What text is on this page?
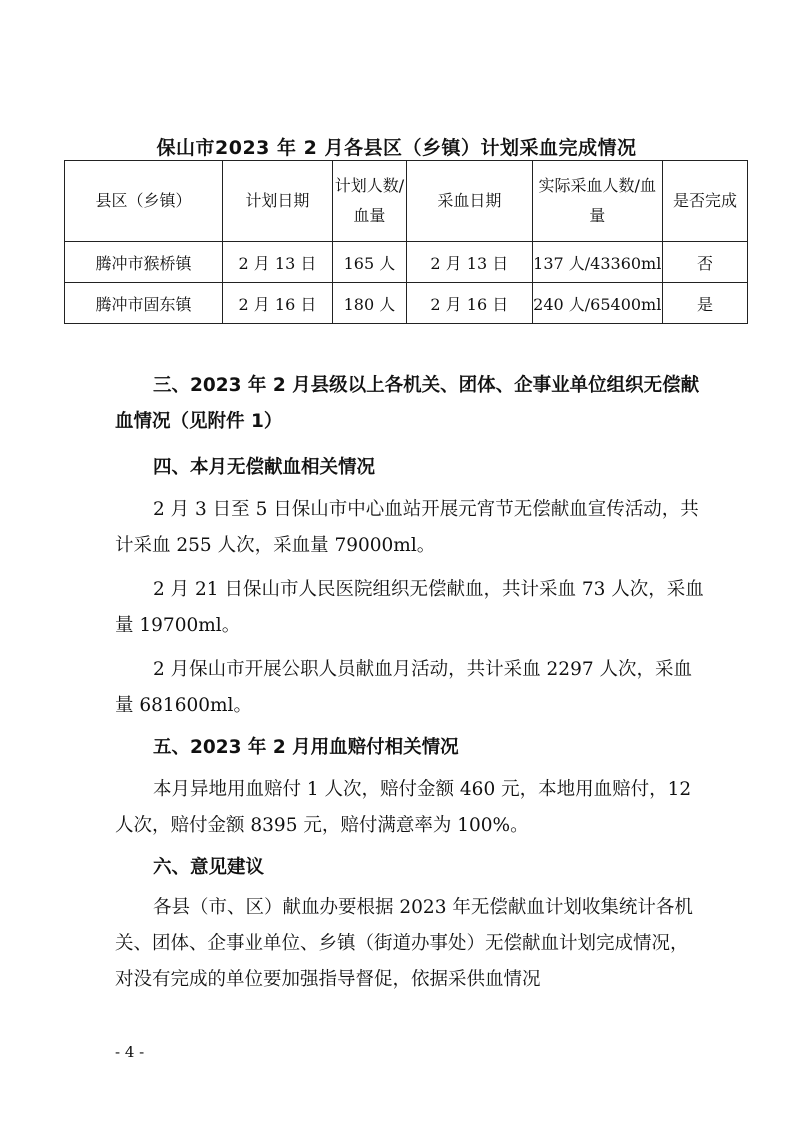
保山市2023 年 2 月各县区（乡镇）计划采血完成情况
县区（乡镇）	计划日期	计划人数/血量	采血日期	实际采血人数/血量	是否完成
腾冲市猴桥镇	2 月 13 日	165 人	2 月 13 日	137 人/43360ml	否
腾冲市固东镇	2 月 16 日	180 人	2 月 16 日	240 人/65400ml	是

三、2023 年 2 月县级以上各机关、团体、企事业单位组织无偿献血情况（见附件 1）

四、本月无偿献血相关情况

2 月 3 日至 5 日保山市中心血站开展元宵节无偿献血宣传活动，共计采血 255 人次，采血量 79000ml。

2 月 21 日保山市人民医院组织无偿献血，共计采血 73 人次，采血量 19700ml。

2 月保山市开展公职人员献血月活动，共计采血 2297 人次，采血量 681600ml。

五、2023 年 2 月用血赔付相关情况

本月异地用血赔付 1 人次，赔付金额 460 元，本地用血赔付，12 人次，赔付金额 8395 元，赔付满意率为 100%。

六、意见建议

各县（市、区）献血办要根据 2023 年无偿献血计划收集统计各机关、团体、企事业单位、乡镇（街道办事处）无偿献血计划完成情况，对没有完成的单位要加强指导督促，依据采供血情况

- 4 -
